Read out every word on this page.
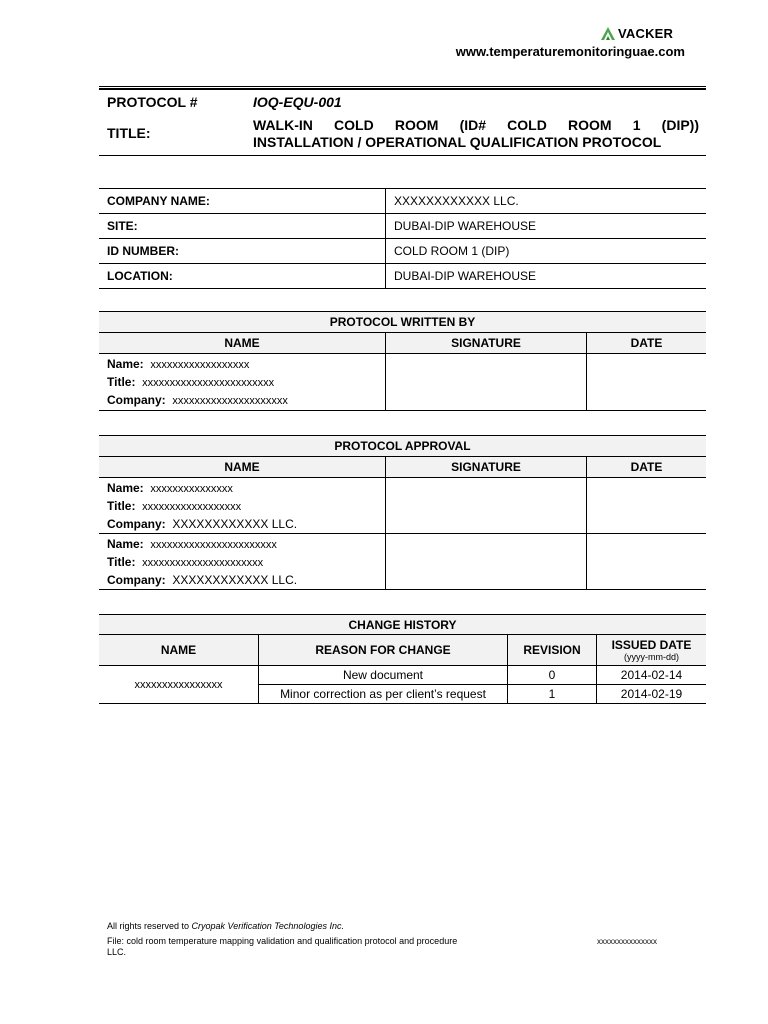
VACKER
www.temperaturemonitoringuae.com
PROTOCOL #	IOQ-EQU-001
TITLE:	WALK-IN COLD ROOM (ID# COLD ROOM 1 (DIP))
INSTALLATION / OPERATIONAL QUALIFICATION PROTOCOL
COMPANY NAME:	XXXXXXXXXXXX LLC.
SITE:	DUBAI-DIP WAREHOUSE
ID NUMBER:	COLD ROOM 1 (DIP)
LOCATION:	DUBAI-DIP WAREHOUSE
PROTOCOL WRITTEN BY		
NAME	SIGNATURE	DATE

Name: xxxxxxxxxxxxxxxxxx
Title: xxxxxxxxxxxxxxxxxxxxxxxx
Company: xxxxxxxxxxxxxxxxxxxxx		

PROTOCOL APPROVAL		
NAME	SIGNATURE	DATE

Name: xxxxxxxxxxxxxxx
Title: xxxxxxxxxxxxxxxxxx
Company: XXXXXXXXXXXX LLC.		

Name: xxxxxxxxxxxxxxxxxxxxxxx
Title: xxxxxxxxxxxxxxxxxxxxxx
Company: XXXXXXXXXXXX LLC.		

CHANGE HISTORY			
NAME	REASON FOR CHANGE	REVISION	ISSUED DATE
(yyyy-mm-dd)

xxxxxxxxxxxxxxxx	New document	0	2014-02-14
	Minor correction as per client’s request	1	2014-02-19
All rights reserved to Cryopak Verification Technologies Inc.
File: cold room temperature mapping validation and qualification protocol and procedure
LLC.
xxxxxxxxxxxxxxx
